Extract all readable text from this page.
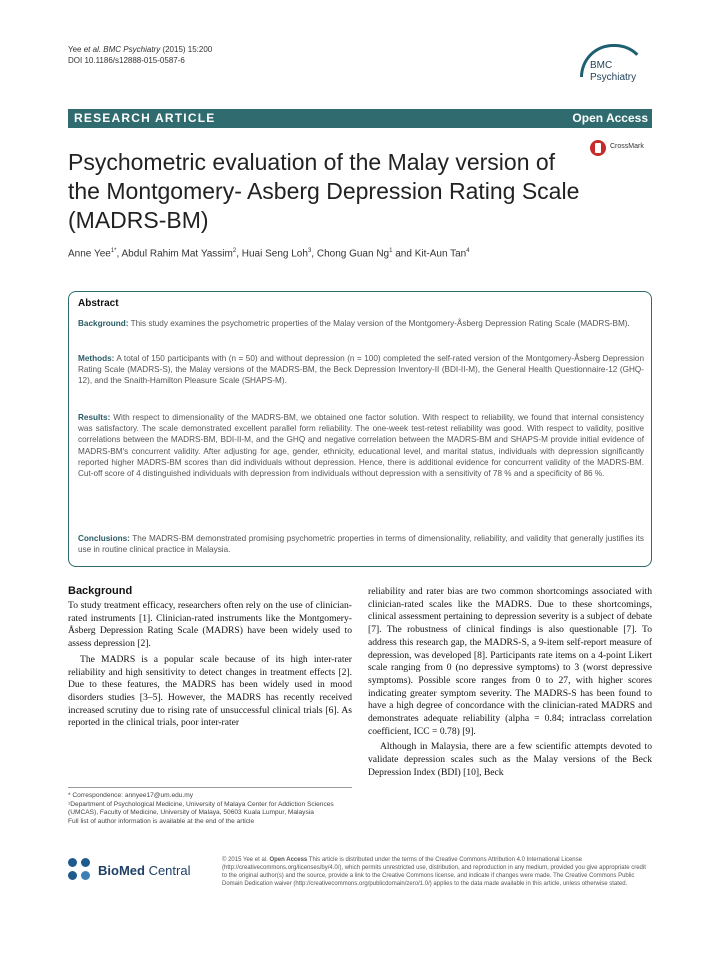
Yee et al. BMC Psychiatry (2015) 15:200
DOI 10.1186/s12888-015-0587-6	BMC
Psychiatry
RESEARCH ARTICLE	Open Access
Psychometric evaluation of the Malay version of the Montgomery- Asberg Depression Rating Scale (MADRS-BM)
CrossMark
Anne Yee$^{1*}$, Abdul Rahim Mat Yassim$^2$, Huai Seng Loh$^3$, Chong Guan Ng$^1$ and Kit-Aun Tan$^4$
Abstract
Background: This study examines the psychometric properties of the Malay version of the Montgomery-Åsberg Depression Rating Scale (MADRS-BM).
Methods: A total of 150 participants with (n = 50) and without depression (n = 100) completed the self-rated version of the Montgomery-Åsberg Depression Rating Scale (MADRS-S), the Malay versions of the MADRS-BM, the Beck Depression Inventory-II (BDI-II-M), the General Health Questionnaire-12 (GHQ-12), and the Snaith-Hamilton Pleasure Scale (SHAPS-M).
Results: With respect to dimensionality of the MADRS-BM, we obtained one factor solution. With respect to reliability, we found that internal consistency was satisfactory. The scale demonstrated excellent parallel form reliability. The one-week test-retest reliability was good. With respect to validity, positive correlations between the MADRS-BM, BDI-II-M, and the GHQ and negative correlation between the MADRS-BM and SHAPS-M provide initial evidence of MADRS-BM's concurrent validity. After adjusting for age, gender, ethnicity, educational level, and marital status, individuals with depression significantly reported higher MADRS-BM scores than did individuals without depression. Hence, there is additional evidence for concurrent validity of the MADRS-BM. Cut-off score of 4 distinguished individuals with depression from individuals without depression with a sensitivity of 78 % and a specificity of 86 %.
Conclusions: The MADRS-BM demonstrated promising psychometric properties in terms of dimensionality, reliability, and validity that generally justifies its use in routine clinical practice in Malaysia.
Background

To study treatment efficacy, researchers often rely on the use of clinician-rated instruments [1]. Clinician-rated instruments like the Montgomery-Åsberg Depression Rating Scale (MADRS) have been widely used to assess depression [2].

The MADRS is a popular scale because of its high inter-rater reliability and high sensitivity to detect changes in treatment effects [2]. Due to these features, the MADRS has been widely used in mood disorders studies [3–5]. However, the MADRS has recently received increased scrutiny due to rising rate of unsuccessful clinical trials [6]. As reported in the clinical trials, poor inter-rater

reliability and rater bias are two common shortcomings associated with clinician-rated scales like the MADRS. Due to these shortcomings, clinical assessment pertaining to depression severity is a subject of debate [7]. The robustness of clinical findings is also questionable [7]. To address this research gap, the MADRS-S, a 9-item self-report measure of depression, was developed [8]. Participants rate items on a 4-point Likert scale ranging from 0 (no depressive symptoms) to 3 (worst depressive symptoms). Possible score ranges from 0 to 27, with higher scores indicating greater symptom severity. The MADRS-S has been found to have a high degree of concordance with the clinician-rated MADRS and demonstrates adequate reliability (alpha = 0.84; intraclass correlation coefficient, ICC = 0.78) [9].

Although in Malaysia, there are a few scientific attempts devoted to validate depression scales such as the Malay versions of the Beck Depression Index (BDI) [10], Beck

* Correspondence: annyee17@um.edu.my
¹Department of Psychological Medicine, University of Malaya Center for Addiction Sciences (UMCAS), Faculty of Medicine, University of Malaya, 50603 Kuala Lumpur, Malaysia
Full list of author information is available at the end of the article
BioMed Central
© 2015 Yee et al. Open Access This article is distributed under the terms of the Creative Commons Attribution 4.0 International License (http://creativecommons.org/licenses/by/4.0/), which permits unrestricted use, distribution, and reproduction in any medium, provided you give appropriate credit to the original author(s) and the source, provide a link to the Creative Commons license, and indicate if changes were made. The Creative Commons Public Domain Dedication waiver (http://creativecommons.org/publicdomain/zero/1.0/) applies to the data made available in this article, unless otherwise stated.
